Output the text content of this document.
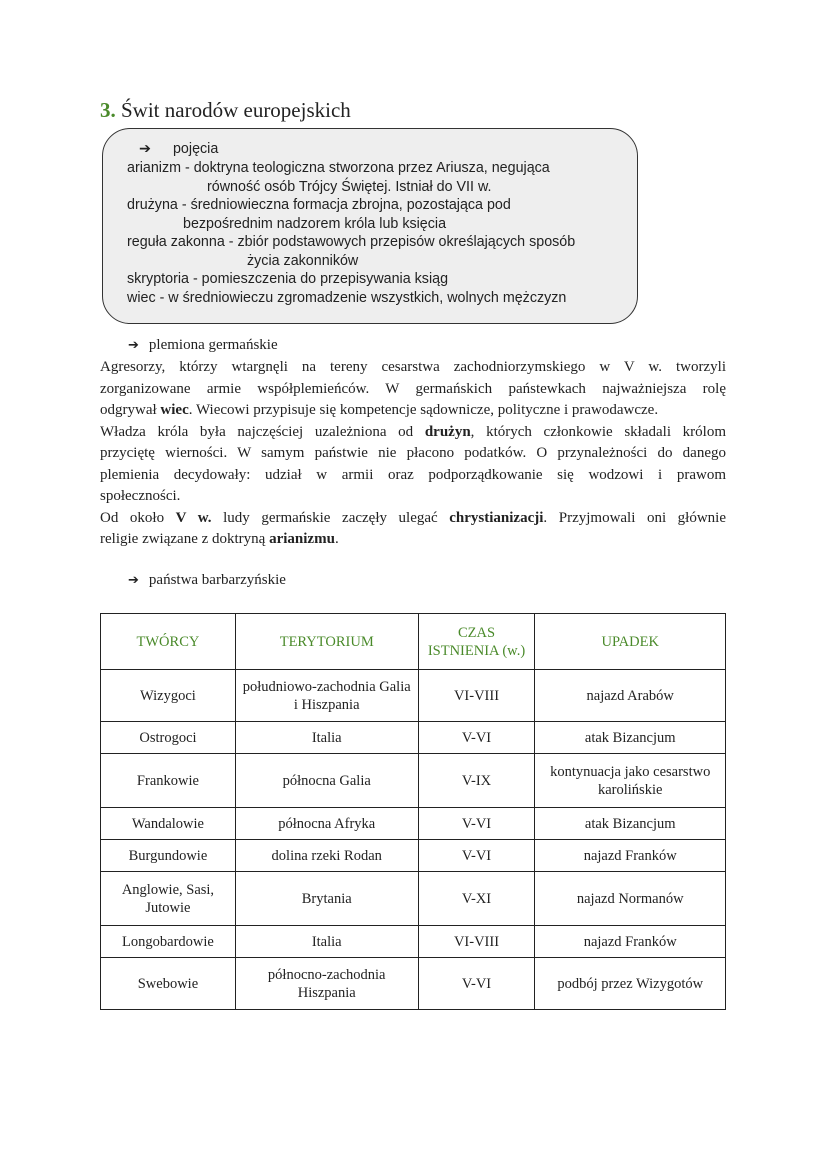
3. Świt narodów europejskich
➔ pojęcia
arianizm - doktryna teologiczna stworzona przez Ariusza, negująca
równość osób Trójcy Świętej. Istniał do VII w.
drużyna - średniowieczna formacja zbrojna, pozostająca pod
bezpośrednim nadzorem króla lub księcia
reguła zakonna - zbiór podstawowych przepisów określających sposób
życia zakonników
skryptoria - pomieszczenia do przepisywania ksiąg
wiec - w średniowieczu zgromadzenie wszystkich, wolnych mężczyzn
➔ plemiona germańskie
Agresorzy, którzy wtargnęli na tereny cesarstwa zachodniorzymskiego w V w. tworzyli
zorganizowane armie współplemieńców. W germańskich państewkach najważniejsza rolę
odgrywał wiec. Wiecowi przypisuje się kompetencje sądownicze, polityczne i prawodawcze.
Władza króla była najczęściej uzależniona od drużyn, których członkowie składali królom
przyciętę wierności. W samym państwie nie płacono podatków. O przynależności do danego
plemienia decydowały: udział w armii oraz podporządkowanie się wodzowi i prawom
społeczności.
Od około V w. ludy germańskie zaczęły ulegać chrystianizacji. Przyjmowali oni głównie
religie związane z doktryną arianizmu.
➔ państwa barbarzyńskie
TWÓRCY	TERYTORIUM	CZAS ISTNIENIA (w.)	UPADEK
Wizygoci	południowo-zachodnia Galia i Hiszpania	VI-VIII	najazd Arabów
Ostrogoci	Italia	V-VI	atak Bizancjum
Frankowie	północna Galia	V-IX	kontynuacja jako cesarstwo karolińskie
Wandalowie	północna Afryka	V-VI	atak Bizancjum
Burgundowie	dolina rzeki Rodan	V-VI	najazd Franków
Anglowie, Sasi, Jutowie	Brytania	V-XI	najazd Normanów
Longobardowie	Italia	VI-VIII	najazd Franków
Swebowie	północno-zachodnia Hiszpania	V-VI	podbój przez Wizygotów
